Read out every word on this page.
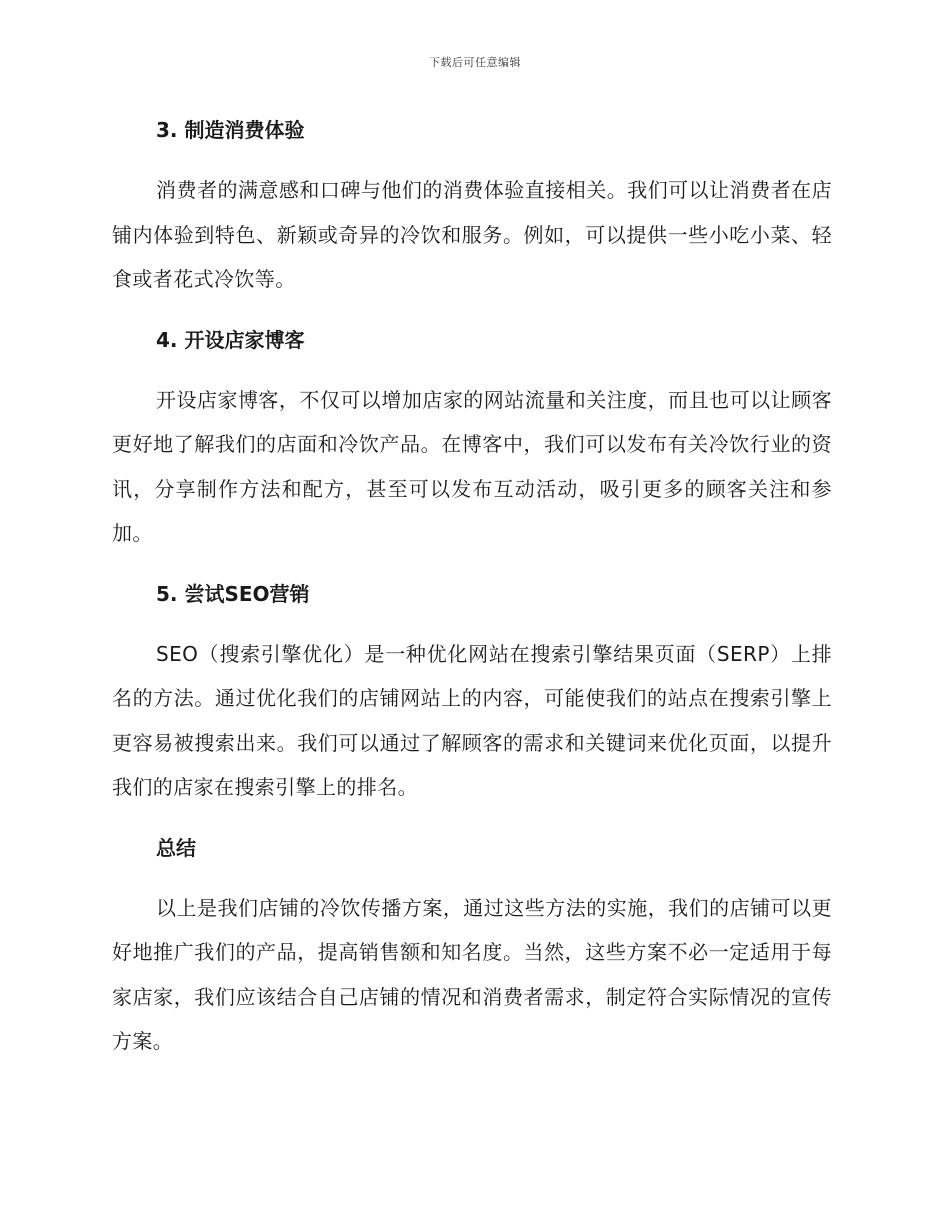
下载后可任意编辑
3. 制造消费体验

消费者的满意感和口碑与他们的消费体验直接相关。我们可以让消费者在店铺内体验到特色、新颖或奇异的冷饮和服务。例如，可以提供一些小吃小菜、轻食或者花式冷饮等。

4. 开设店家博客

开设店家博客，不仅可以增加店家的网站流量和关注度，而且也可以让顾客更好地了解我们的店面和冷饮产品。在博客中，我们可以发布有关冷饮行业的资讯，分享制作方法和配方，甚至可以发布互动活动，吸引更多的顾客关注和参加。

5. 尝试SEO营销

SEO（搜索引擎优化）是一种优化网站在搜索引擎结果页面（SERP）上排名的方法。通过优化我们的店铺网站上的内容，可能使我们的站点在搜索引擎上更容易被搜索出来。我们可以通过了解顾客的需求和关键词来优化页面，以提升我们的店家在搜索引擎上的排名。

总结

以上是我们店铺的冷饮传播方案，通过这些方法的实施，我们的店铺可以更好地推广我们的产品，提高销售额和知名度。当然，这些方案不必一定适用于每家店家，我们应该结合自己店铺的情况和消费者需求，制定符合实际情况的宣传方案。
